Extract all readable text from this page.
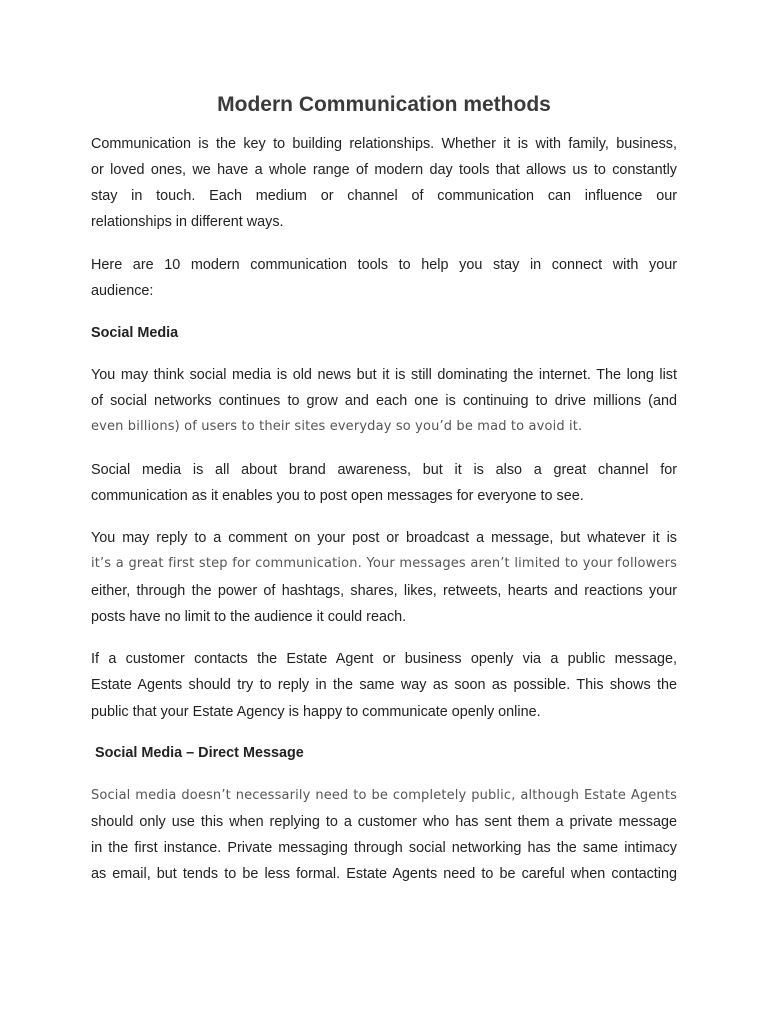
Modern Communication methods

Communication is the key to building relationships. Whether it is with family, business,

or loved ones, we have a whole range of modern day tools that allows us to constantly

stay in touch. Each medium or channel of communication can influence our

relationships in different ways.

Here are 10 modern communication tools to help you stay in connect with your

audience:

Social Media

You may think social media is old news but it is still dominating the internet. The long list

of social networks continues to grow and each one is continuing to drive millions (and

even billions) of users to their sites everyday so you’d be mad to avoid it.

Social media is all about brand awareness, but it is also a great channel for

communication as it enables you to post open messages for everyone to see.

You may reply to a comment on your post or broadcast a message, but whatever it is

it’s a great first step for communication. Your messages aren’t limited to your followers

either, through the power of hashtags, shares, likes, retweets, hearts and reactions your

posts have no limit to the audience it could reach.

If a customer contacts the Estate Agent or business openly via a public message,

Estate Agents should try to reply in the same way as soon as possible. This shows the

public that your Estate Agency is happy to communicate openly online.

Social Media – Direct Message

Social media doesn’t necessarily need to be completely public, although Estate Agents

should only use this when replying to a customer who has sent them a private message

in the first instance. Private messaging through social networking has the same intimacy

as email, but tends to be less formal. Estate Agents need to be careful when contacting
